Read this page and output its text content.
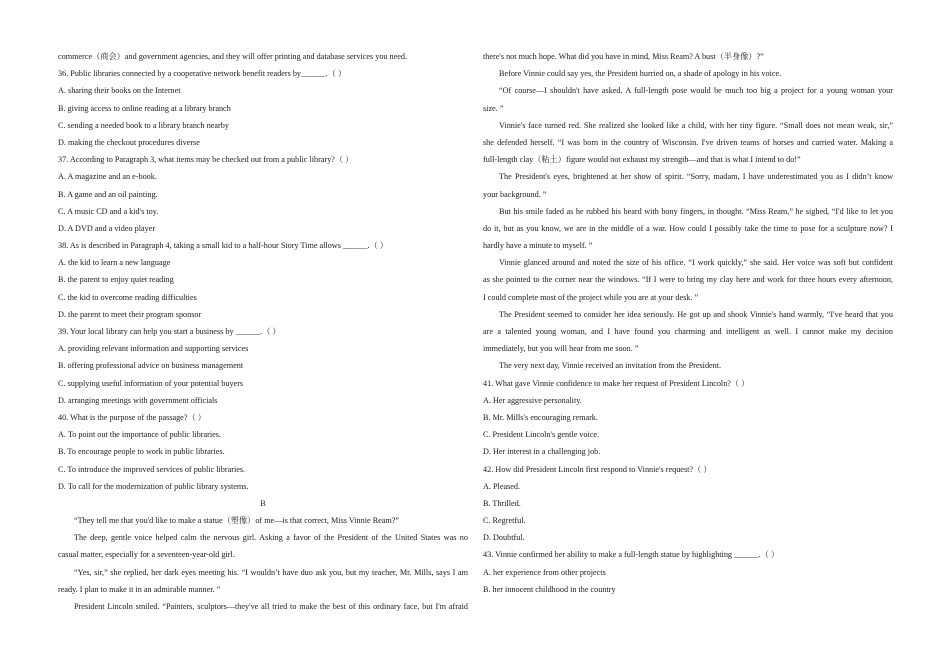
commerce（商会）and government agencies, and they will offer printing and database services you need.
36. Public libraries connected by a cooperative network benefit readers by______.（ ）
A. sharing their books on the Internet
B. giving access to online reading at a library branch
C. sending a needed book to a library branch nearby
D. making the checkout procedures diverse
37. According to Paragraph 3, what items may be checked out from a public library?（ ）
A. A magazine and an e-book.
B. A game and an oil painting.
C. A music CD and a kid's toy.
D. A DVD and a video player
38. As is described in Paragraph 4, taking a small kid to a half-hour Story Time allows ______.（ ）
A. the kid to learn a new language
B. the parent to enjoy quiet reading
C. the kid to overcome reading difficulties
D. the parent to meet their program sponsor
39. Your local library can help you start a business by ______.（ ）
A. providing relevant information and supporting services
B. offering professional advice on business management
C. supplying useful information of your potential buyers
D. arranging meetings with government officials
40. What is the purpose of the passage?（ ）
A. To point out the importance of public libraries.
B. To encourage people to work in public libraries.
C. To introduce the improved services of public libraries.
D. To call for the modernization of public library systems.
B
“They tell me that you'd like to make a statue（塑像）of me—is that correct, Miss Vinnie Ream?”
The deep, gentle voice helped calm the nervous girl. Asking a favor of the President of the United States was no
casual matter, especially for a seventeen-year-old girl.
“Yes, sir,” she replied, her dark eyes meeting his. “I wouldn’t have duo ask you, but my teacher, Mr. Mills, says I am
ready. I plan to make it in an admirable manner. ”
President Lincoln smiled. “Painters, sculptors—they've all tried to make the best of this ordinary face, but I'm afraid
there's not much hope. What did you have in mind, Miss Ream? A bust（半身像）?”
Before Vinnie could say yes, the President hurried on, a shade of apology in his voice.
“Of course—I shouldn't have asked. A full-length pose would be much too big a project for a young woman your
size. ”
Vinnie's face turned red. She realized she looked like a child, with her tiny figure. “Small does not mean weak, sir,”
she defended herself. “I was born in the country of Wisconsin. I've driven teams of horses and carried water. Making a
full-length clay（粘土）figure would not exhaust my strength—and that is what I intend to do!”
The President's eyes, brightened at her show of spirit. “Sorry, madam, I have underestimated you as I didn’t know
your background. ”
But his smile faded as he rubbed his beard with bony fingers, in thought. “Miss Ream,” he sighed, “I'd like to let you
do it, but as you know, we are in the middle of a war. How could I possibly take the time to pose for a sculpture now? I
hardly have a minute to myself. ”
Vinnie glanced around and noted the size of his office. “I work quickly,” she said. Her voice was soft but confident
as she pointed to the corner near the windows. “If I were to bring my clay here and work for three hours every afternoon,
I could complete most of the project while you are at your desk. ”
The President seemed to consider her idea seriously. He got up and shook Vinnie's hand warmly, “I've heard that you
are a talented young woman, and I have found you charming and intelligent as well. I cannot make my decision
immediately, but you will hear from me soon. ”
The very next day, Vinnie received an invitation from the President.
41. What gave Vinnie confidence to make her request of President Lincoln?（ ）
A. Her aggressive personality.
B. Mr. Mills's encouraging remark.
C. President Lincoln's gentle voice.
D. Her interest in a challenging job.
42. How did President Lincoln first respond to Vinnie's request?（ ）
A. Pleased.
B. Thrilled.
C. Regretful.
D. Doubtful.
43. Vinnie confirmed her ability to make a full-length statue by highlighting ______.（ ）
A. her experience from other projects
B. her innocent childhood in the country
